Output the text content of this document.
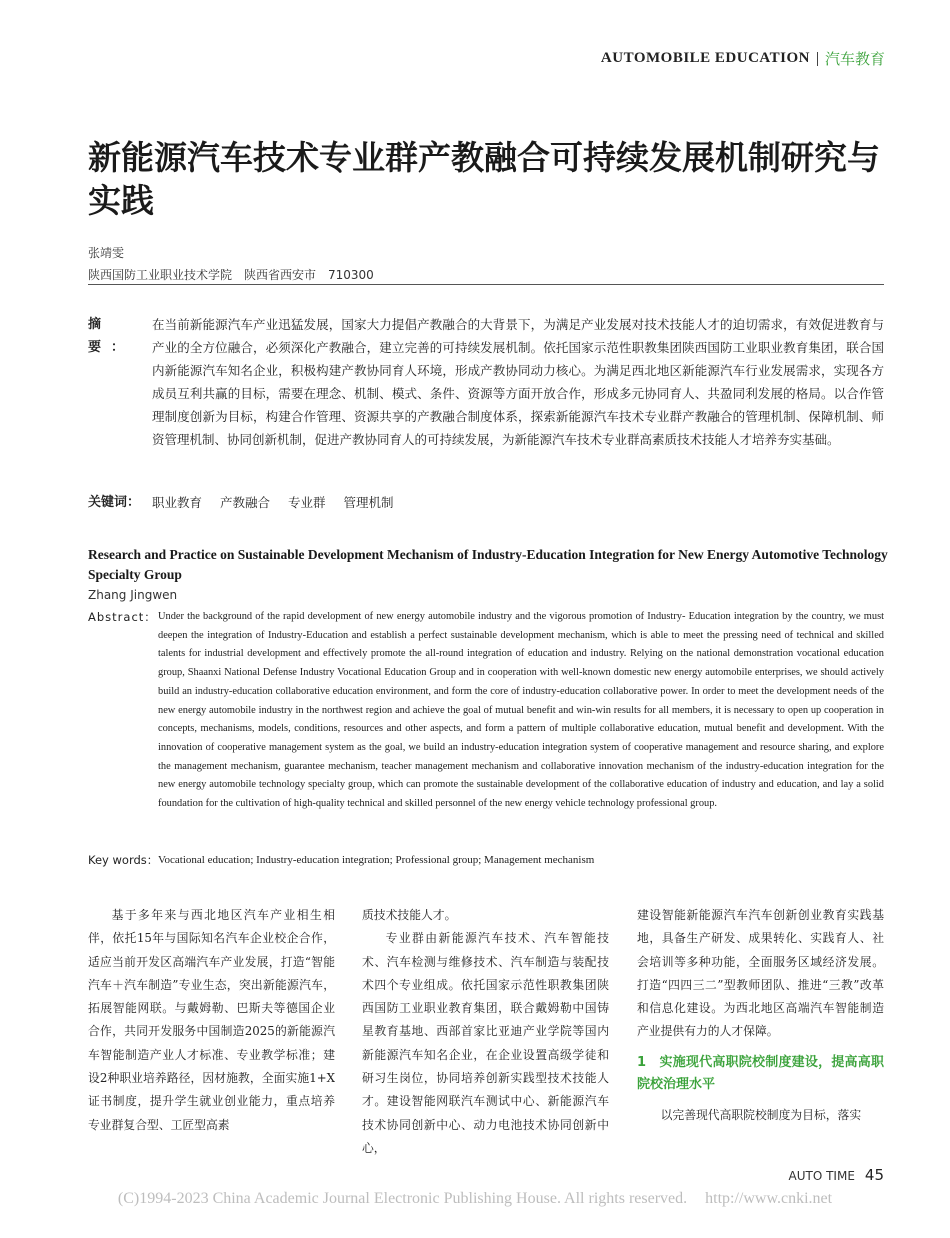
AUTOMOBILE EDUCATION 汽车教育
新能源汽车技术专业群产教融合可持续发展机制研究与实践
张靖雯
陕西国防工业职业技术学院　陕西省西安市　710300
摘　要：
在当前新能源汽车产业迅猛发展，国家大力提倡产教融合的大背景下，为满足产业发展对技术技能人才的迫切需求，有效促进教育与产业的全方位融合，必须深化产教融合，建立完善的可持续发展机制。依托国家示范性职教集团陕西国防工业职业教育集团，联合国内新能源汽车知名企业，积极构建产教协同育人环境，形成产教协同动力核心。为满足西北地区新能源汽车行业发展需求，实现各方成员互利共赢的目标，需要在理念、机制、模式、条件、资源等方面开放合作，形成多元协同育人、共盈同利发展的格局。以合作管理制度创新为目标，构建合作管理、资源共享的产教融合制度体系，探索新能源汽车技术专业群产教融合的管理机制、保障机制、师资管理机制、协同创新机制，促进产教协同育人的可持续发展，为新能源汽车技术专业群高素质技术技能人才培养夯实基础。
关键词： 职业教育 产教融合 专业群 管理机制
Research and Practice on Sustainable Development Mechanism of Industry-Education Integration for New Energy Automotive Technology Specialty Group
Zhang Jingwen
Abstract： Under the background of the rapid development of new energy automobile industry and the vigorous promotion of Industry- Education integration by the country, we must deepen the integration of Industry-Education and establish a perfect sustainable development mechanism, which is able to meet the pressing need of technical and skilled talents for industrial development and effectively promote the all-round integration of education and industry. Relying on the national demonstration vocational education group, Shaanxi National Defense Industry Vocational Education Group and in cooperation with well-known domestic new energy automobile enterprises, we should actively build an industry-education collaborative education environment, and form the core of industry-education collaborative power. In order to meet the development needs of the new energy automobile industry in the northwest region and achieve the goal of mutual benefit and win-win results for all members, it is necessary to open up cooperation in concepts, mechanisms, models, conditions, resources and other aspects, and form a pattern of multiple collaborative education, mutual benefit and development. With the innovation of cooperative management system as the goal, we build an industry-education integration system of cooperative management and resource sharing, and explore the management mechanism, guarantee mechanism, teacher management mechanism and collaborative innovation mechanism of the industry-education integration for the new energy automobile technology specialty group, which can promote the sustainable development of the collaborative education of industry and education, and lay a solid foundation for the cultivation of high-quality technical and skilled personnel of the new energy vehicle technology professional group.
Key words： Vocational education; Industry-education integration; Professional group; Management mechanism

基于多年来与西北地区汽车产业相生相伴，依托15年与国际知名汽车企业校企合作，适应当前开发区高端汽车产业发展，打造“智能汽车＋汽车制造”专业生态，突出新能源汽车，拓展智能网联。与戴姆勒、巴斯夫等德国企业合作，共同开发服务中国制造2025的新能源汽车智能制造产业人才标准、专业教学标准；建设2种职业培养路径，因材施教，全面实施1+X证书制度，提升学生就业创业能力，重点培养专业群复合型、工匠型高素

质技术技能人才。

专业群由新能源汽车技术、汽车智能技术、汽车检测与维修技术、汽车制造与装配技术四个专业组成。依托国家示范性职教集团陕西国防工业职业教育集团，联合戴姆勒中国铸星教育基地、西部首家比亚迪产业学院等国内新能源汽车知名企业，在企业设置高级学徒和研习生岗位，协同培养创新实践型技术技能人才。建设智能网联汽车测试中心、新能源汽车技术协同创新中心、动力电池技术协同创新中心，

建设智能新能源汽车汽车创新创业教育实践基地，具备生产研发、成果转化、实践育人、社会培训等多种功能，全面服务区域经济发展。打造“四四三二”型教师团队、推进“三教”改革和信息化建设。为西北地区高端汽车智能制造产业提供有力的人才保障。

1　实施现代高职院校制度建设，提高高职院校治理水平

以完善现代高职院校制度为目标，落实

AUTO TIME 45
(C)1994-2023 China Academic Journal Electronic Publishing House. All rights reserved. http://www.cnki.net
